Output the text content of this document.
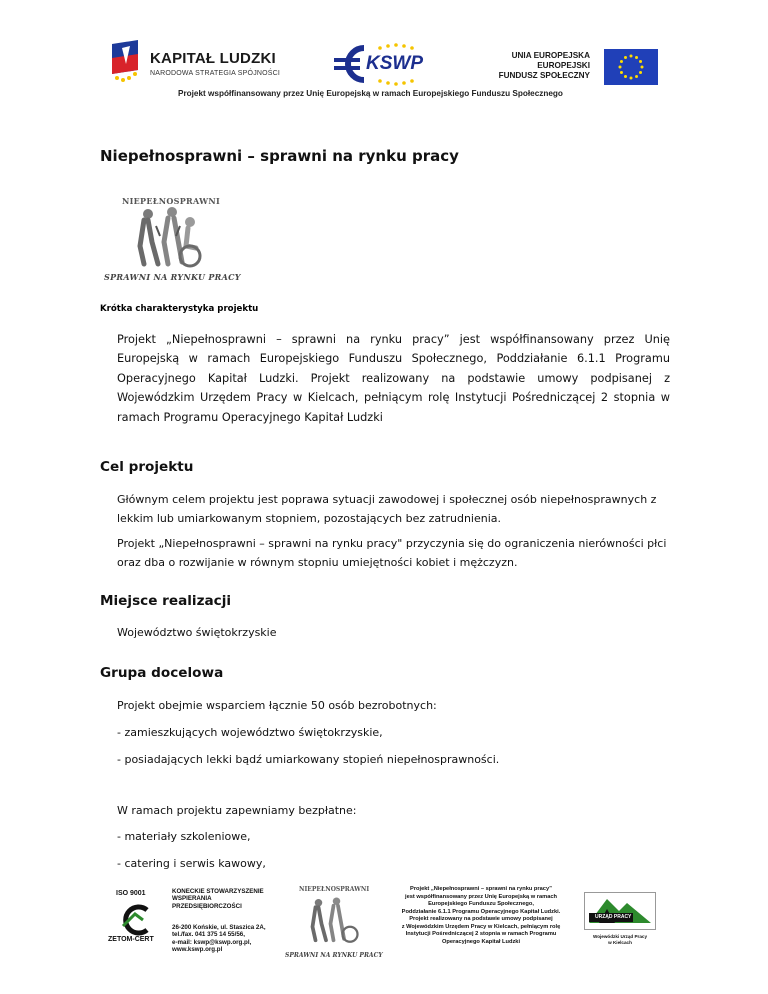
KAPITAŁ LUDZKI
NARODOWA STRATEGIA SPÓJNOŚCI	KSWP	UNIA EUROPEJSKA
EUROPEJSKI
FUNDUSZ SPOŁECZNY
Projekt współfinansowany przez Unię Europejską w ramach Europejskiego Funduszu Społecznego
Niepełnosprawni – sprawni na rynku pracy
NIEPEŁNOSPRAWNI
SPRAWNI NA RYNKU PRACY
Krótka charakterystyka projektu

Projekt „Niepełnosprawni – sprawni na rynku pracy” jest współfinansowany przez Unię Europejską w ramach Europejskiego Funduszu Społecznego, Poddziałanie 6.1.1 Programu Operacyjnego Kapitał Ludzki. Projekt realizowany na podstawie umowy podpisanej z Wojewódzkim Urzędem Pracy w Kielcach, pełniącym rolę Instytucji Pośredniczącej 2 stopnia w ramach Programu Operacyjnego Kapitał Ludzki

Cel projektu

Głównym celem projektu jest poprawa sytuacji zawodowej i społecznej osób niepełnosprawnych z lekkim lub umiarkowanym stopniem, pozostających bez zatrudnienia.

Projekt „Niepełnosprawni – sprawni na rynku pracy" przyczynia się do ograniczenia nierówności płci oraz dba o rozwijanie w równym stopniu umiejętności kobiet i mężczyzn.

Miejsce realizacji

Województwo świętokrzyskie

Grupa docelowa

Projekt obejmie wsparciem łącznie 50 osób bezrobotnych:

- zamieszkujących województwo świętokrzyskie,

- posiadających lekki bądź umiarkowany stopień niepełnosprawności.

W ramach projektu zapewniamy bezpłatne:

- materiały szkoleniowe,

- catering i serwis kawowy,

ISO 9001
ZETOM-CERT
KONECKIE STOWARZYSZENIE
WSPIERANIA
PRZEDSIĘBIORCZOŚCI
26-200 Końskie, ul. Staszica 2A,
tel./fax. 041 375 14 55/56,
e-mail: kswp@kswp.org.pl,
www.kswp.org.pl
NIEPEŁNOSPRAWNI
SPRAWNI NA RYNKU PRACY
Projekt „Niepełnosprawni – sprawni na rynku pracy”
jest współfinansowany przez Unię Europejską w ramach
Europejskiego Funduszu Społecznego,
Poddziałanie 6.1.1 Programu Operacyjnego Kapitał Ludzki.
Projekt realizowany na podstawie umowy podpisanej
z Wojewódzkim Urzędem Pracy w Kielcach, pełniącym rolę
Instytucji Pośredniczącej 2 stopnia w ramach Programu
Operacyjnego Kapitał Ludzki
URZĄD PRACY
Wojewódzki Urząd Pracy
w Kielcach
